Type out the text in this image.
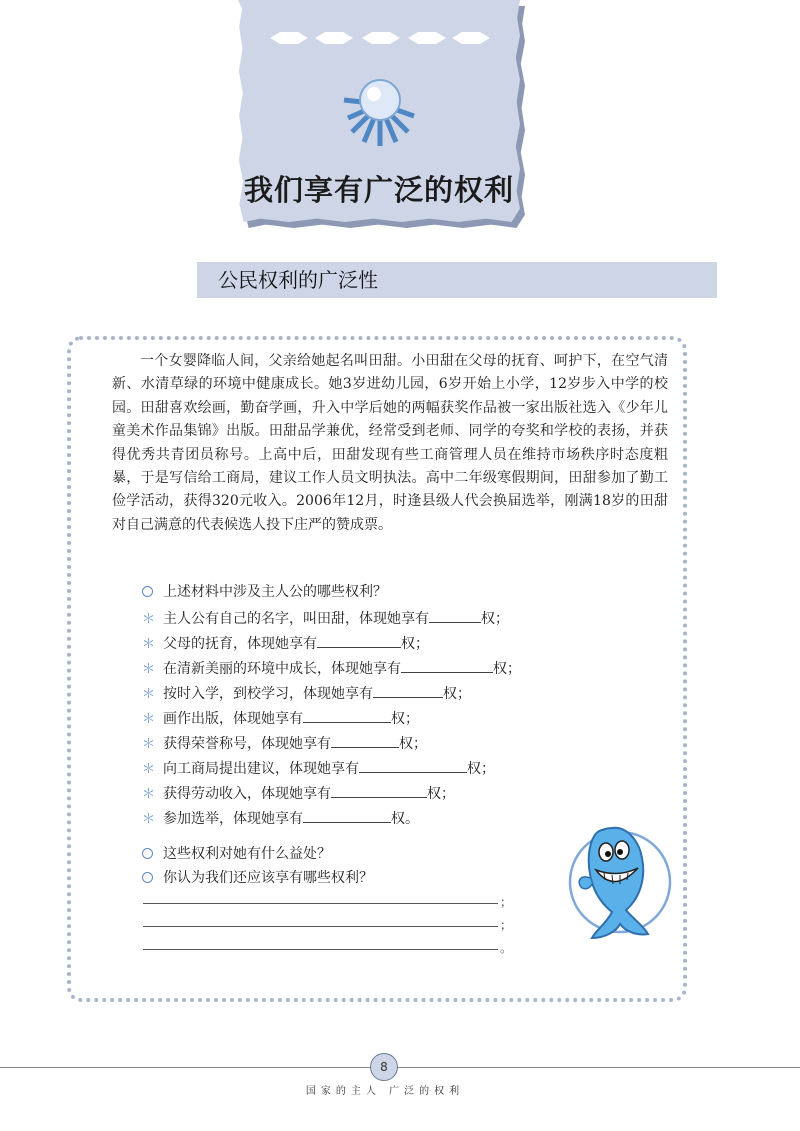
我们享有广泛的权利
公民权利的广泛性

一个女婴降临人间，父亲给她起名叫田甜。小田甜在父母的抚育、呵护下，在空气清新、水清草绿的环境中健康成长。她3岁进幼儿园，6岁开始上小学，12岁步入中学的校园。田甜喜欢绘画，勤奋学画，升入中学后她的两幅获奖作品被一家出版社选入《少年儿童美术作品集锦》出版。田甜品学兼优，经常受到老师、同学的夸奖和学校的表扬，并获得优秀共青团员称号。上高中后，田甜发现有些工商管理人员在维持市场秩序时态度粗暴，于是写信给工商局，建议工作人员文明执法。高中二年级寒假期间，田甜参加了勤工俭学活动，获得320元收入。2006年12月，时逢县级人代会换届选举，刚满18岁的田甜对自己满意的代表候选人投下庄严的赞成票。

上述材料中涉及主人公的哪些权利？
＊ 主人公有自己的名字，叫田甜，体现她享有	权；
＊ 父母的抚育，体现她享有	权；
＊ 在清新美丽的环境中成长，体现她享有	权；
＊ 按时入学，到校学习，体现她享有	权；
＊ 画作出版，体现她享有	权；
＊ 获得荣誉称号，体现她享有	权；
＊ 向工商局提出建议，体现她享有	权；
＊ 获得劳动收入，体现她享有	权；
＊ 参加选举，体现她享有	权。
这些权利对她有什么益处？
你认为我们还应该享有哪些权利？
；
；
。
8
国家的主人 广泛的权利
